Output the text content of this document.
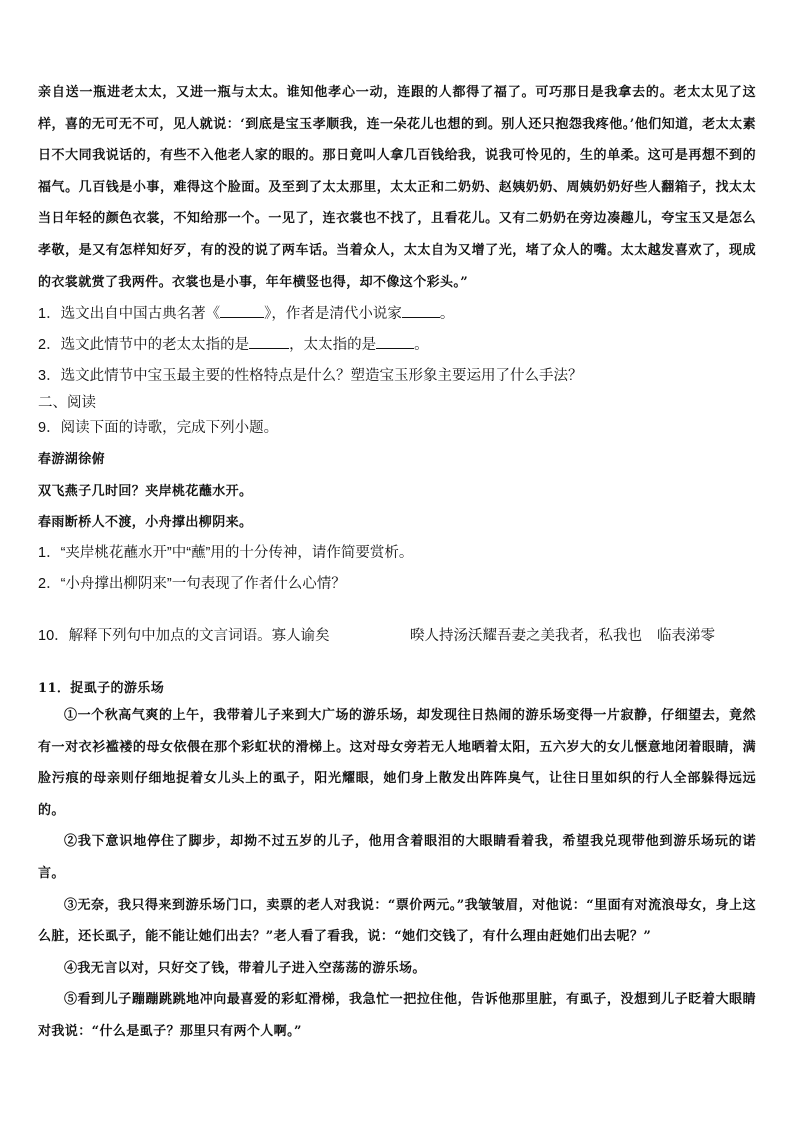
亲自送一瓶进老太太，又进一瓶与太太。谁知他孝心一动，连跟的人都得了福了。可巧那日是我拿去的。老太太见了这样，喜的无可无不可，见人就说：‘到底是宝玉孝顺我，连一朵花儿也想的到。别人还只抱怨我疼他。’他们知道，老太太素日不大同我说话的，有些不入他老人家的眼的。那日竟叫人拿几百钱给我，说我可怜见的，生的单柔。这可是再想不到的福气。几百钱是小事，难得这个脸面。及至到了太太那里，太太正和二奶奶、赵姨奶奶、周姨奶奶好些人翻箱子，找太太当日年轻的颜色衣裳，不知给那一个。一见了，连衣裳也不找了，且看花儿。又有二奶奶在旁边凑趣儿，夸宝玉又是怎么孝敬，是又有怎样知好歹，有的没的说了两车话。当着众人，太太自为又增了光，堵了众人的嘴。太太越发喜欢了，现成的衣裳就赏了我两件。衣裳也是小事，年年横竖也得，却不像这个彩头。”

1．选文出自中国古典名著《	》，作者是清代小说家	。
2．选文此情节中的老太太指的是	，太太指的是	。
3．选文此情节中宝玉最主要的性格特点是什么？塑造宝玉形象主要运用了什么手法？
二、阅读
9．阅读下面的诗歌，完成下列小题。
春游湖徐俯
双飞燕子几时回？夹岸桃花蘸水开。
春雨断桥人不渡，小舟撑出柳阴来。
1．“夹岸桃花蘸水开”中“蘸”用的十分传神，请作简要赏析。
2．“小舟撑出柳阴来”一句表现了作者什么心情？
10．解释下列句中加点的文言词语。寡人谕矣	暌人持汤沃耀吾妻之美我者，私我也 临表涕零
11．捉虱子的游乐场

①一个秋高气爽的上午，我带着儿子来到大广场的游乐场，却发现往日热闹的游乐场变得一片寂静，仔细望去，竟然有一对衣衫褴褛的母女依偎在那个彩虹状的滑梯上。这对母女旁若无人地晒着太阳，五六岁大的女儿惬意地闭着眼睛，满脸污痕的母亲则仔细地捉着女儿头上的虱子，阳光耀眼，她们身上散发出阵阵臭气，让往日里如织的行人全部躲得远远的。

②我下意识地停住了脚步，却拗不过五岁的儿子，他用含着眼泪的大眼睛看着我，希望我兑现带他到游乐场玩的诺言。

③无奈，我只得来到游乐场门口，卖票的老人对我说：“票价两元。”我皱皱眉，对他说：“里面有对流浪母女，身上这么脏，还长虱子，能不能让她们出去？”老人看了看我，说：“她们交钱了，有什么理由赶她们出去呢？”

④我无言以对，只好交了钱，带着儿子进入空荡荡的游乐场。

⑤看到儿子蹦蹦跳跳地冲向最喜爱的彩虹滑梯，我急忙一把拉住他，告诉他那里脏，有虱子，没想到儿子眨着大眼睛对我说：“什么是虱子？那里只有两个人啊。”
